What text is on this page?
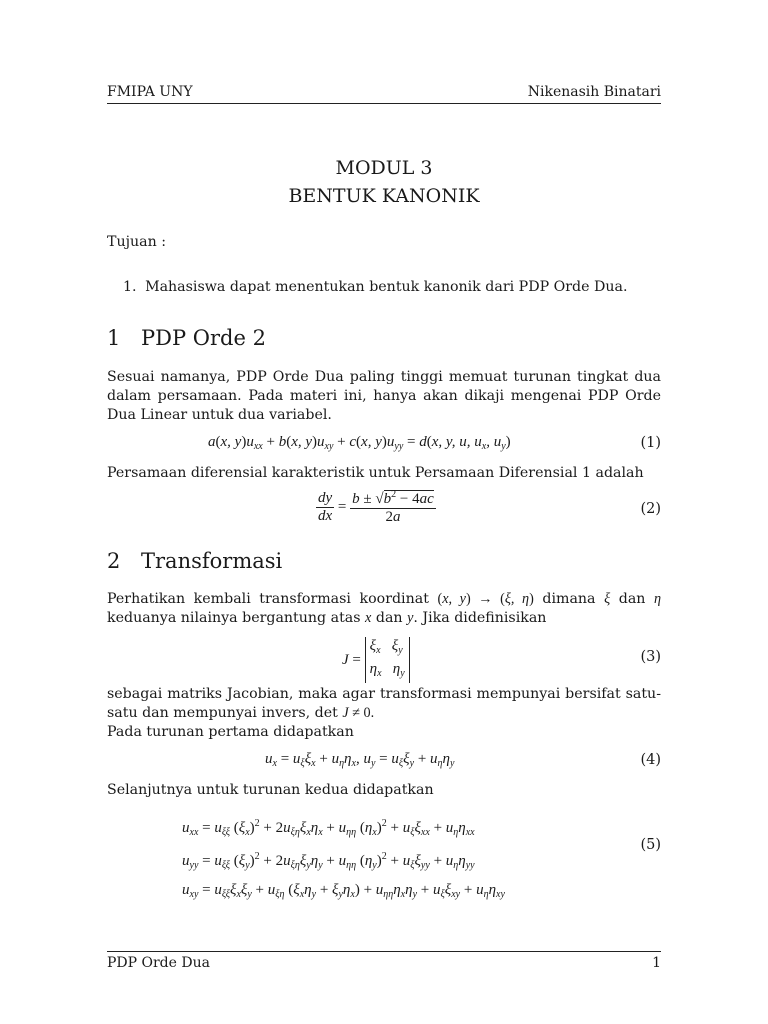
FMIPA UNY	Nikenasih Binatari
MODUL 3
BENTUK KANONIK
Tujuan :
1. Mahasiswa dapat menentukan bentuk kanonik dari PDP Orde Dua.
1 PDP Orde 2
Sesuai namanya, PDP Orde Dua paling tinggi memuat turunan tingkat dua dalam persamaan. Pada materi ini, hanya akan dikaji mengenai PDP Orde Dua Linear untuk dua variabel.
a(x, $y)u_{xx} + b(x$, $y)u_{xy} + c(x$, $y)u_{yy} = d(x$, y, u, $u_x$, $u_y$)	(1)
Persamaan diferensial karakteristik untuk Persamaan Diferensial 1 adalah
$\frac{dy}{dx} = \frac{b \pm √b^2 - 4ac}{2a}$	(2)
2 Transformasi
Perhatikan kembali transformasi koordinat (x, y) → (ξ, η) dimana ξ dan η keduanya nilainya bergantung atas x dan y. Jika didefinisikan
J =
$\xi_x$   $\xi_y$
$\eta_x$   $\eta_y$
(3)
sebagai matriks Jacobian, maka agar transformasi mempunyai bersifat satu-satu dan mempunyai invers, det J ≠ 0.
Pada turunan pertama didapatkan
$u_x = u_\xi\xi_x + u_\eta\eta_x$, $u_y = u_\xi\xi_y + u_\eta\eta_y$	(4)
Selanjutnya untuk turunan kedua didapatkan
$u_{xx} = u_{\xi\xi}$ $(\xi_x)^2 + 2u_{\xi\eta}\xi_x\eta_x + u_{\eta\eta}$ $(\eta_x)^2 + u_\xi\xi_{xx} + u_\eta\eta_{xx}$
$u_{yy} = u_{\xi\xi}$ $(\xi_y)^2 + 2u_{\xi\eta}\xi_y\eta_y + u_{\eta\eta}$ $(\eta_y)^2 + u_\xi\xi_{yy} + u_\eta\eta_{yy}$
$u_{xy} = u_{\xi\xi}\xi_x\xi_y + u_{\xi\eta}$ $(\xi_x\eta_y + \xi_y\eta_x) + u_{\eta\eta}\eta_x\eta_y + u_\xi\xi_{xy} + u_\eta\eta_{xy}$
(5)
PDP Orde Dua	1
